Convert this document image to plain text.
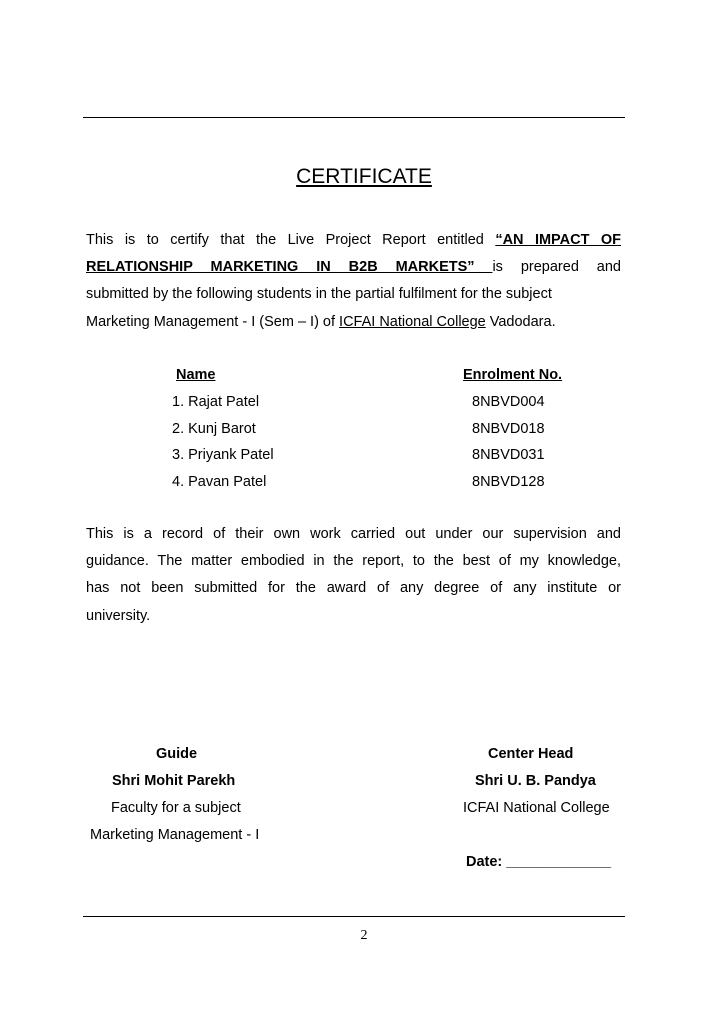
CERTIFICATE
This is to certify that the Live Project Report entitled “AN IMPACT OF
RELATIONSHIP MARKETING IN B2B MARKETS” is prepared and
submitted by the following students in the partial fulfilment for the subject
Marketing Management - I (Sem – I) of ICFAI National College Vadodara.
Name	Enrolment No.
1. Rajat Patel	8NBVD004
2. Kunj Barot	8NBVD018
3. Priyank Patel	8NBVD031
4. Pavan Patel	8NBVD128
This is a record of their own work carried out under our supervision and
guidance. The matter embodied in the report, to the best of my knowledge,
has not been submitted for the award of any degree of any institute or
university.
Guide
Shri Mohit Parekh
Faculty for a subject
Marketing Management - I
Center Head
Shri U. B. Pandya
ICFAI National College
Date: _____________
2
